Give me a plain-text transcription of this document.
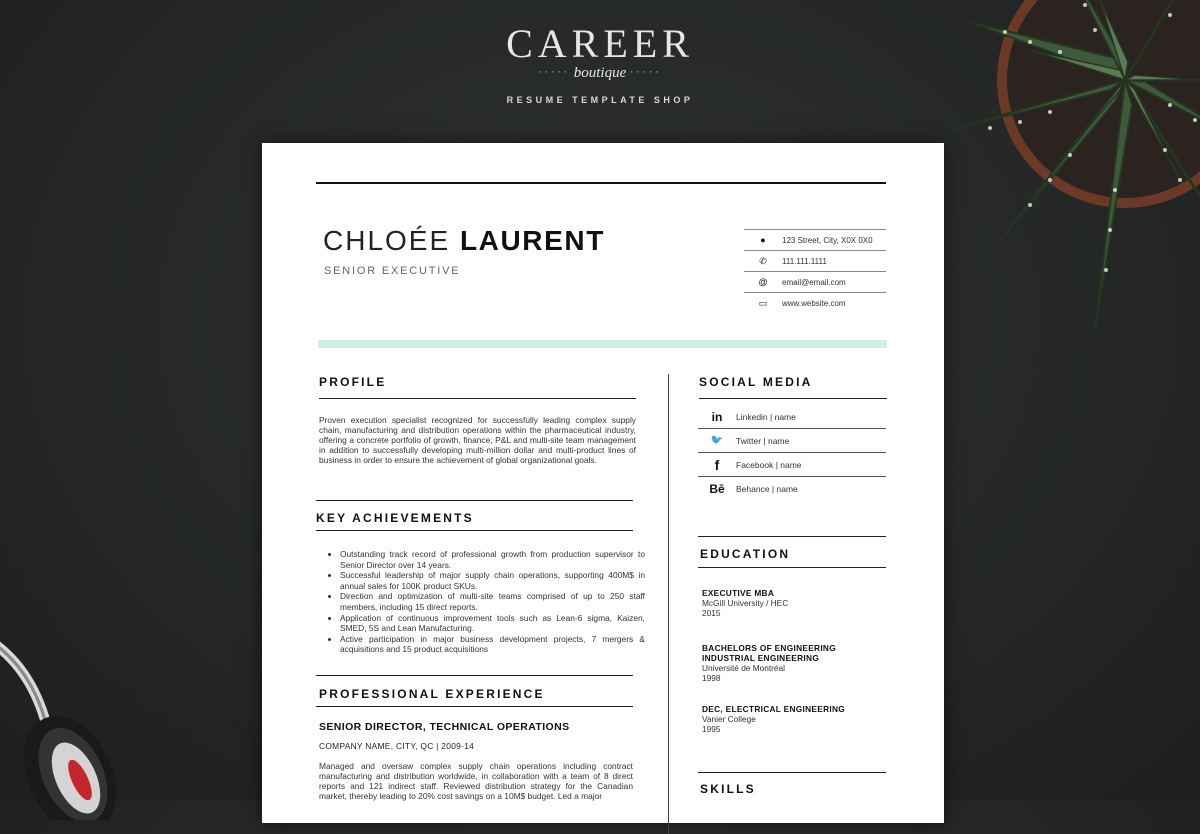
CAREER
····· boutique ·····
RESUME TEMPLATE SHOP
CHLOÉE LAURENT
SENIOR EXECUTIVE
●	123 Street, City, X0X 0X0
✆	111.111.1111
@	email@email.com
▭	www.website.com
PROFILE
Proven execution specialist recognized for successfully leading complex supply chain, manufacturing and distribution operations within the pharmaceutical industry, offering a concrete portfolio of growth, finance, P&L and multi-site team management in addition to successfully developing multi-million dollar and multi-product lines of business in order to ensure the achievement of global organizational goals.
KEY ACHIEVEMENTS
• Outstanding track record of professional growth from production supervisor to Senior Director over 14 years.
• Successful leadership of major supply chain operations, supporting 400M$ in annual sales for 100K product SKUs.
• Direction and optimization of multi-site teams comprised of up to 250 staff members, including 15 direct reports.
• Application of continuous improvement tools such as Lean-6 sigma, Kaizen, SMED, 5S and Lean Manufacturing.
• Active participation in major business development projects, 7 mergers & acquisitions and 15 product acquisitions
PROFESSIONAL EXPERIENCE
SENIOR DIRECTOR, TECHNICAL OPERATIONS
COMPANY NAME, CITY, QC | 2009-14
Managed and oversaw complex supply chain operations including contract manufacturing and distribution worldwide, in collaboration with a team of 8 direct reports and 121 indirect staff. Reviewed distribution strategy for the Canadian market, thereby leading to 20% cost savings on a 10M$ budget. Led a major
SOCIAL MEDIA
in	Linkedin | name
🐦	Twitter | name
f	Facebook | name
Bē	Behance | name
EDUCATION
EXECUTIVE MBA
McGill University / HEC
2015
BACHELORS OF ENGINEERING
INDUSTRIAL ENGINEERING
Université de Montréal
1998
DEC, ELECTRICAL ENGINEERING
Vanier College
1995
SKILLS
